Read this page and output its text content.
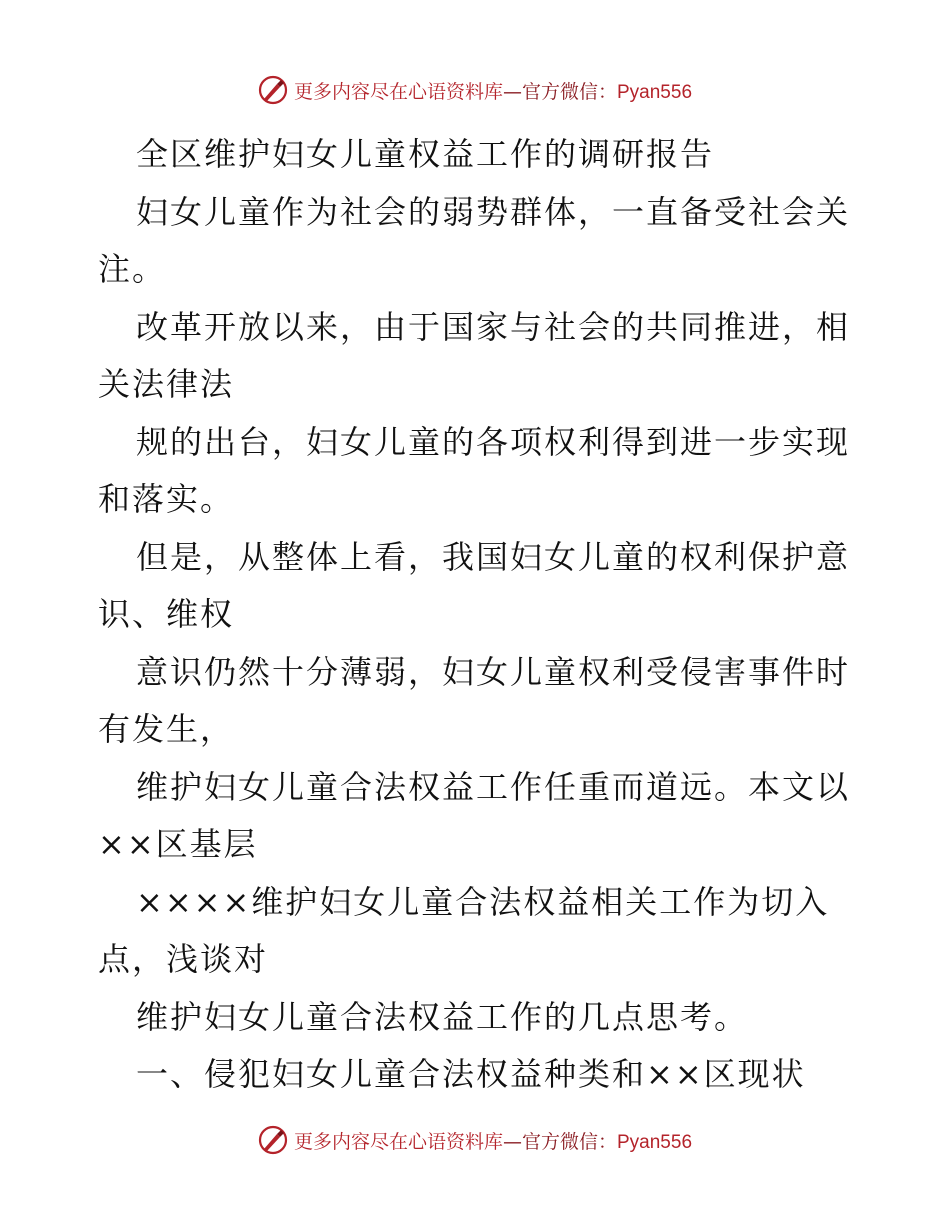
更多内容尽在心语资料库—官方微信：Pyan556
全区维护妇女儿童权益工作的调研报告
妇女儿童作为社会的弱势群体，一直备受社会关
注。
改革开放以来，由于国家与社会的共同推进，相
关法律法
规的出台，妇女儿童的各项权利得到进一步实现
和落实。
但是，从整体上看，我国妇女儿童的权利保护意
识、维权
意识仍然十分薄弱，妇女儿童权利受侵害事件时
有发生，
维护妇女儿童合法权益工作任重而道远。本文以
××区基层
××××维护妇女儿童合法权益相关工作为切入
点，浅谈对
维护妇女儿童合法权益工作的几点思考。
一、侵犯妇女儿童合法权益种类和××区现状
更多内容尽在心语资料库—官方微信：Pyan556
